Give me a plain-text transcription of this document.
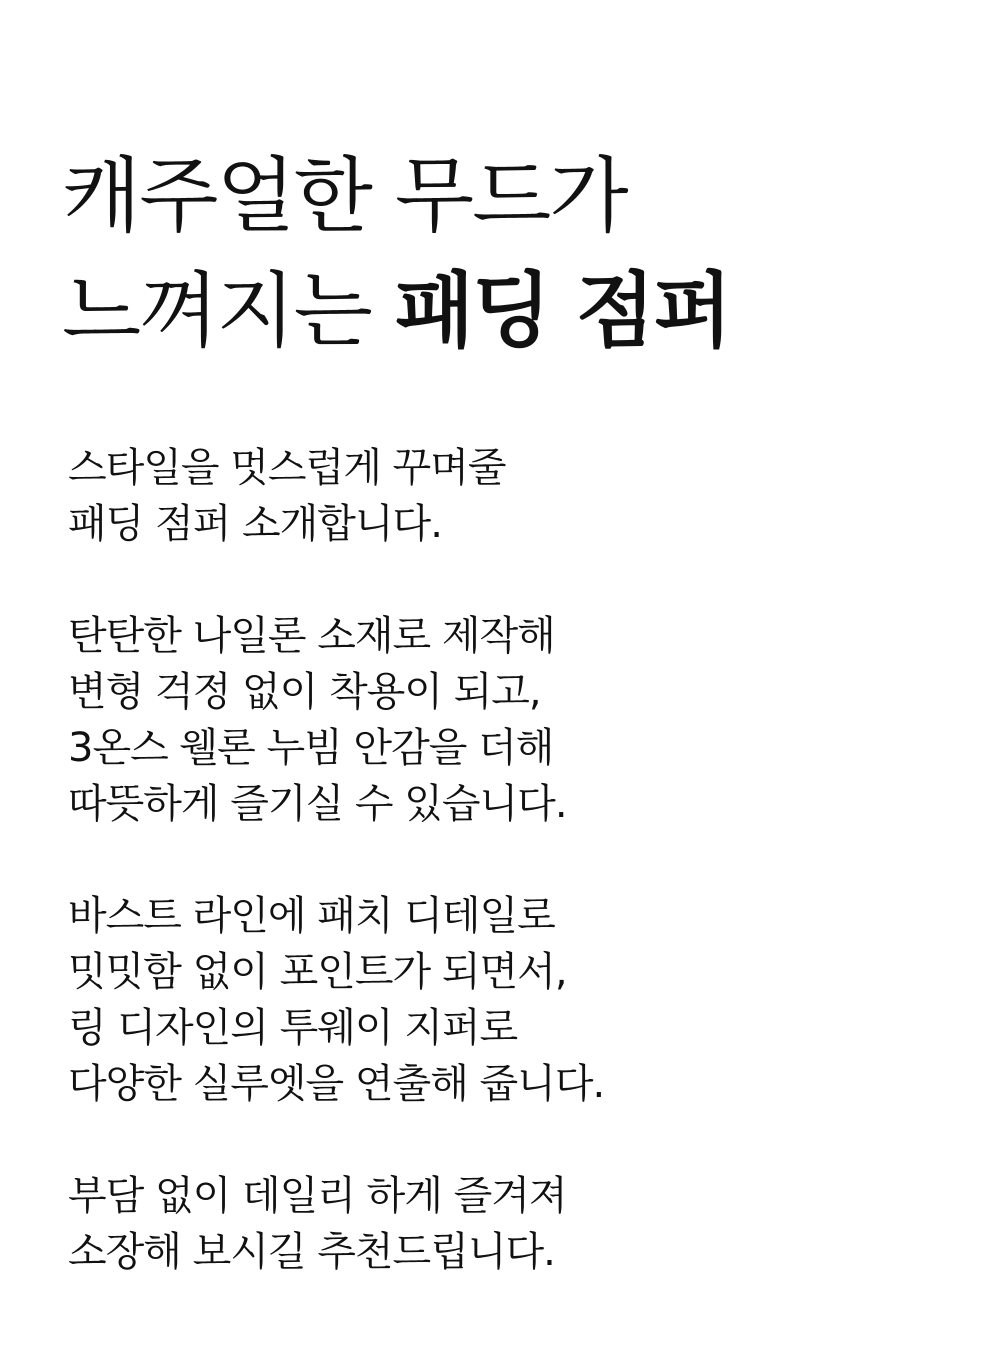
캐주얼한 무드가
느껴지는 패딩 점퍼

스타일을 멋스럽게 꾸며줄
패딩 점퍼 소개합니다.

탄탄한 나일론 소재로 제작해
변형 걱정 없이 착용이 되고,
3온스 웰론 누빔 안감을 더해
따뜻하게 즐기실 수 있습니다.

바스트 라인에 패치 디테일로
밋밋함 없이 포인트가 되면서,
링 디자인의 투웨이 지퍼로
다양한 실루엣을 연출해 줍니다.

부담 없이 데일리 하게 즐겨져
소장해 보시길 추천드립니다.
